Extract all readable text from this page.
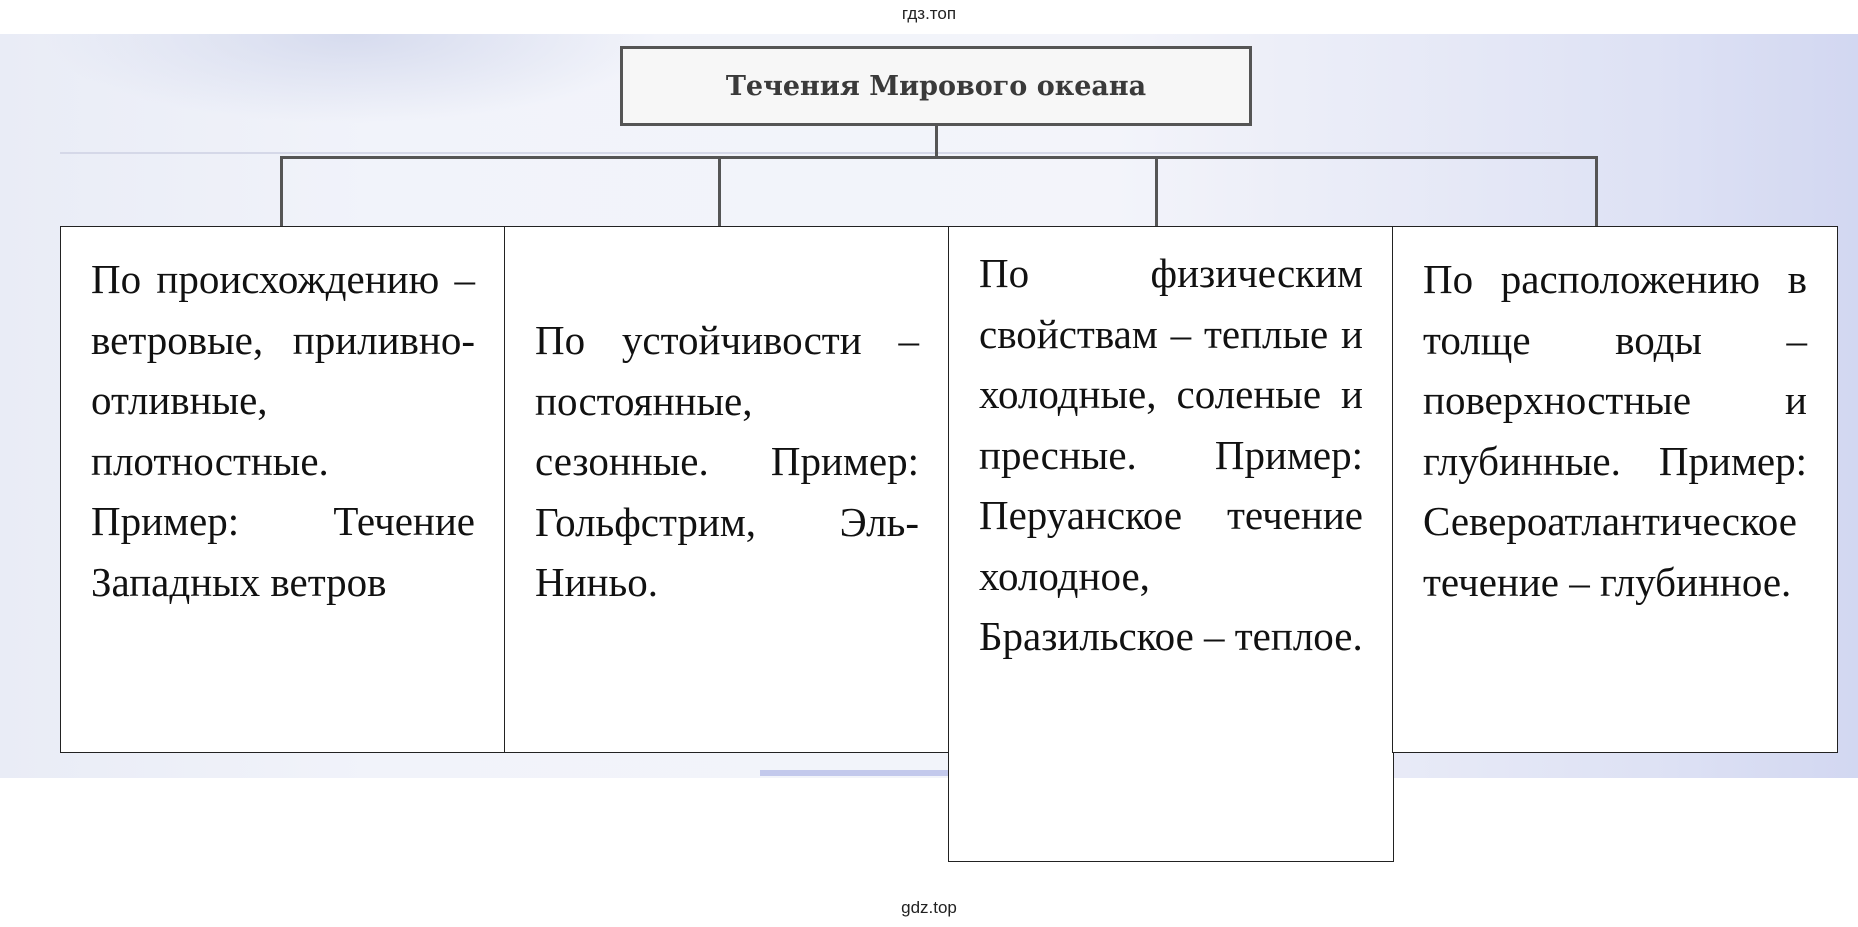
гдз.топ
Течения Мирового океана
По происхождению – ветровые, приливно-отливные, плотностные. Пример: Течение Западных ветров
По устойчивости – постоянные, сезонные. Пример: Гольфстрим, Эль-Ниньо.
По физическим свойствам – теплые и холодные, соленые и пресные. Пример: Перуанское течение холодное, Бразильское – теплое.
По расположению в толще воды – поверхностные и глубинные. Пример: Североатлантическое течение – глубинное.
gdz.top
